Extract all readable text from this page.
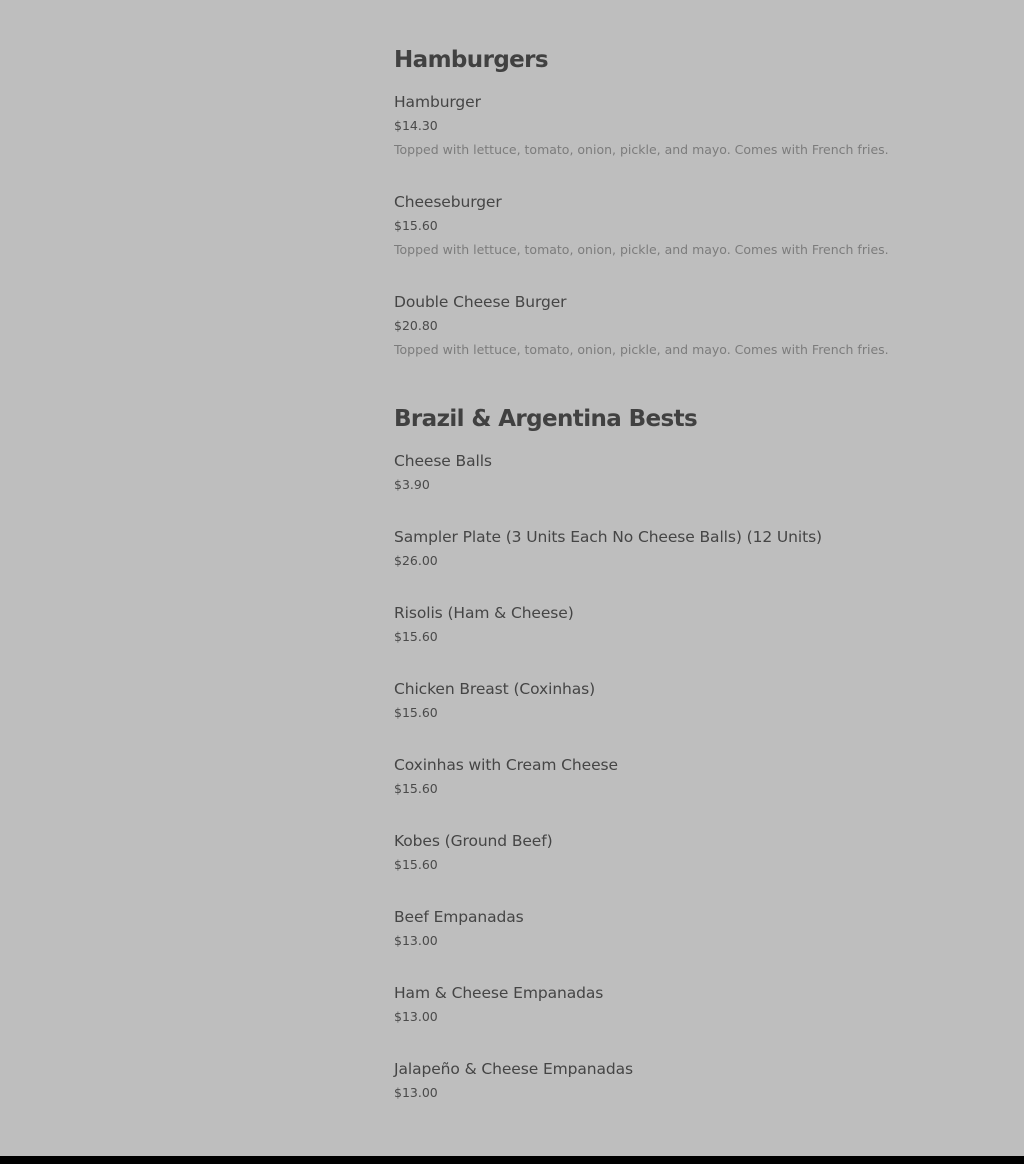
Hamburgers
Hamburger
$14.30
Topped with lettuce, tomato, onion, pickle, and mayo. Comes with French fries.
Cheeseburger
$15.60
Topped with lettuce, tomato, onion, pickle, and mayo. Comes with French fries.
Double Cheese Burger
$20.80
Topped with lettuce, tomato, onion, pickle, and mayo. Comes with French fries.
Brazil & Argentina Bests
Cheese Balls
$3.90
Sampler Plate (3 Units Each No Cheese Balls) (12 Units)
$26.00
Risolis (Ham & Cheese)
$15.60
Chicken Breast (Coxinhas)
$15.60
Coxinhas with Cream Cheese
$15.60
Kobes (Ground Beef)
$15.60
Beef Empanadas
$13.00
Ham & Cheese Empanadas
$13.00
Jalapeño & Cheese Empanadas
$13.00
